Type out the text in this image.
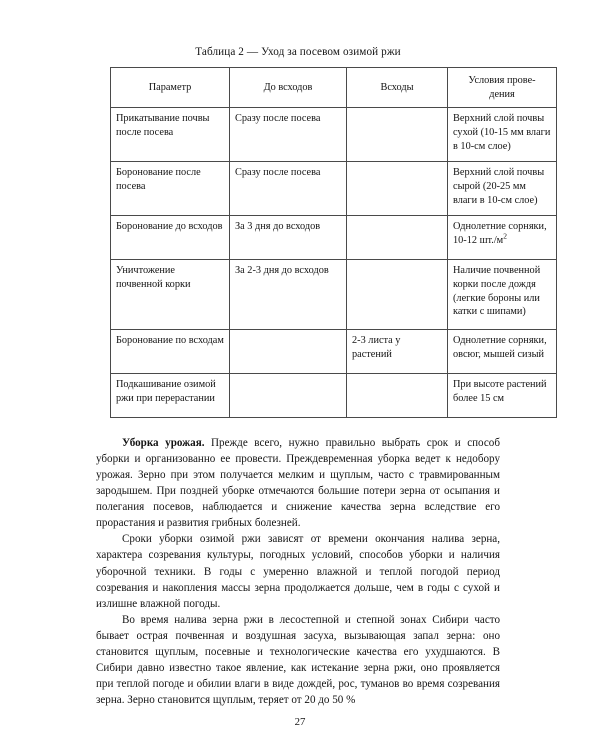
Таблица 2 — Уход за посевом озимой ржи
Параметр	До всходов	Всходы	Условия прове-
дения
Прикатывание почвы после посева	Сразу после посева		Верхний слой почвы сухой (10-15 мм влаги в 10-см слое)
Боронование после посева	Сразу после посева		Верхний слой почвы сырой (20-25 мм влаги в 10-см слое)
Боронование до всходов	За 3 дня до всходов		Однолетние сорняки, 10-12 $шт./м^2$
Уничтожение почвенной корки	За 2-3 дня до всходов		Наличие почвенной корки после дождя (легкие бороны или катки с шипами)
Боронование по всходам		2-3 листа у растений	Однолетние сорняки, овсюг, мышей сизый
Подкашивание озимой ржи при перерастании			При высоте растений более 15 см

Уборка урожая. Прежде всего, нужно правильно выбрать срок и способ уборки и организованно ее провести. Преждевременная уборка ведет к недобору урожая. Зерно при этом получается мелким и щуплым, часто с травмированным зародышем. При поздней уборке отмечаются большие потери зерна от осыпания и полегания посевов, наблюдается и снижение качества зерна вследствие его прорастания и развития грибных болезней.

Сроки уборки озимой ржи зависят от времени окончания налива зерна, характера созревания культуры, погодных условий, способов уборки и наличия уборочной техники. В годы с умеренно влажной и теплой погодой период созревания и накопления массы зерна продолжается дольше, чем в годы с сухой и излишне влажной погоды.

Во время налива зерна ржи в лесостепной и степной зонах Сибири часто бывает острая почвенная и воздушная засуха, вызывающая запал зерна: оно становится щуплым, посевные и технологические качества его ухудшаются. В Сибири давно известно такое явление, как истекание зерна ржи, оно проявляется при теплой погоде и обилии влаги в виде дождей, рос, туманов во время созревания зерна. Зерно становится щуплым, теряет от 20 до 50 %

27
